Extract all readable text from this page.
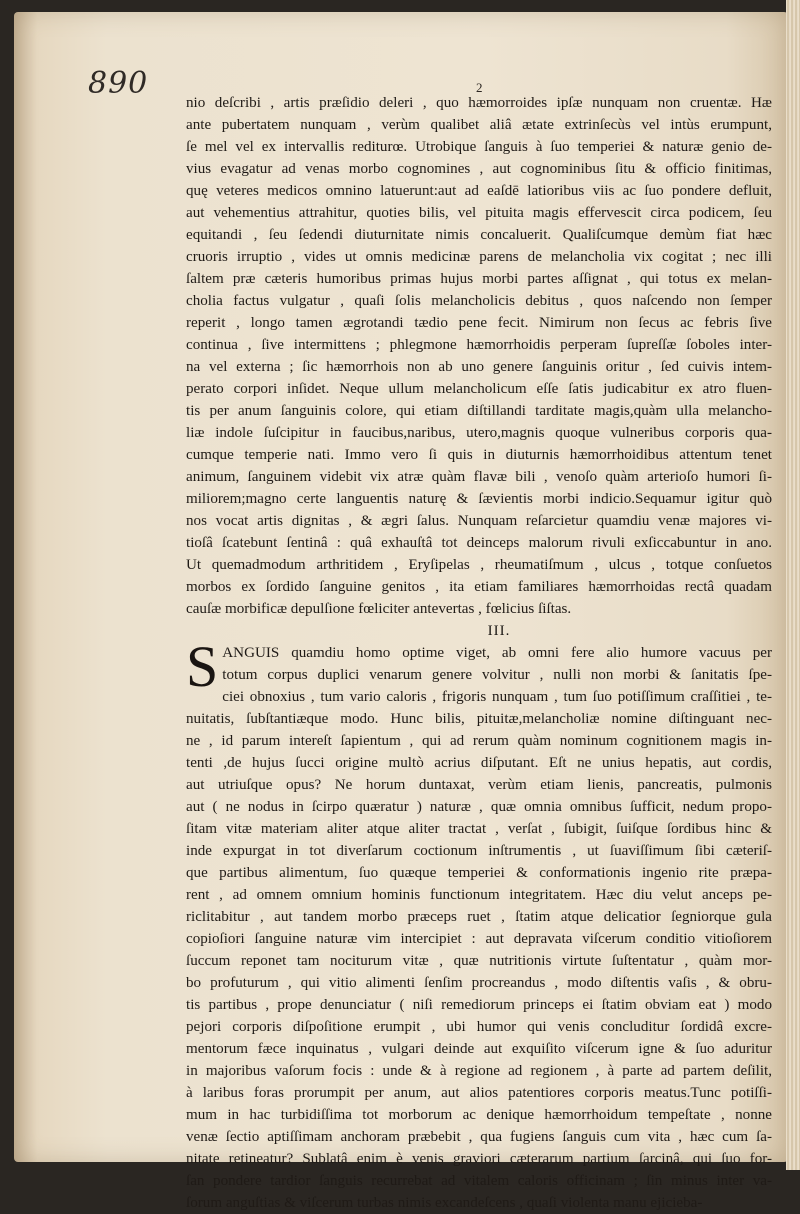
890	2
nio deſcribi , artis præſidio deleri , quo hæmorroides ipſæ nunquam non cruentæ. Hæ
ante pubertatem nunquam , verùm qualibet aliâ ætate extrinſecùs vel intùs erumpunt,
ſe mel vel ex intervallis rediturœ. Utrobique ſanguis à ſuo temperiei & naturæ genio de-
vius evagatur ad venas morbo cognomines , aut cognominibus ſitu & officio finitimas,
quę veteres medicos omnino latuerunt:aut ad eaſdē latioribus viis ac ſuo pondere defluit,
aut vehementius attrahitur, quoties bilis, vel pituita magis effervescit circa podicem, ſeu
equitandi , ſeu ſedendi diuturnitate nimis concaluerit. Qualiſcumque demùm fiat hæc
cruoris irruptio , vides ut omnis medicinæ parens de melancholia vix cogitat ; nec illi
ſaltem præ cæteris humoribus primas hujus morbi partes aſſignat , qui totus ex melan-
cholia factus vulgatur , quaſi ſolis melancholicis debitus , quos naſcendo non ſemper
reperit , longo tamen ægrotandi tædio pene fecit. Nimirum non ſecus ac febris ſive
continua , ſive intermittens ; phlegmone hæmorrhoidis perperam ſupreſſæ ſoboles inter-
na vel externa ; ſic hæmorrhois non ab uno genere ſanguinis oritur , ſed cuivis intem-
perato corpori inſidet. Neque ullum melancholicum eſſe ſatis judicabitur ex atro fluen-
tis per anum ſanguinis colore, qui etiam diſtillandi tarditate magis,quàm ulla melancho-
liæ indole ſuſcipitur in faucibus,naribus, utero,magnis quoque vulneribus corporis qua-
cumque temperie nati. Immo vero ſi quis in diuturnis hæmorrhoidibus attentum tenet
animum, ſanguinem videbit vix atræ quàm flavæ bili , venoſo quàm arterioſo humori ſi-
miliorem;magno certe languentis naturę & ſævientis morbi indicio.Sequamur igitur quò
nos vocat artis dignitas , & ægri ſalus. Nunquam reſarcietur quamdiu venæ majores vi-
tioſâ ſcatebunt ſentinâ : quâ exhauſtâ tot deinceps malorum rivuli exſiccabuntur in ano.
Ut quemadmodum arthritidem , Eryſipelas , rheumatiſmum , ulcus , totque conſuetos
morbos ex ſordido ſanguine genitos , ita etiam familiares hæmorrhoidas rectâ quadam
cauſæ morbificæ depulſione fœliciter antevertas , fœlicius ſiſtas.
III.
S ANGUIS quamdiu homo optime viget, ab omni fere alio humore vacuus per
totum corpus duplici venarum genere volvitur , nulli non morbi & ſanitatis ſpe-
ciei obnoxius , tum vario caloris , frigoris nunquam , tum ſuo potiſſimum craſſitiei , te-
nuitatis, ſubſtantiæque modo. Hunc bilis, pituitæ,melancholiæ nomine diſtinguant nec-
ne , id parum intereſt ſapientum , qui ad rerum quàm nominum cognitionem magis in-
tenti ,de hujus ſucci origine multò acrius diſputant. Eſt ne unius hepatis, aut cordis,
aut utriuſque opus? Ne horum duntaxat, verùm etiam lienis, pancreatis, pulmonis
aut ( ne nodus in ſcirpo quæratur ) naturæ , quæ omnia omnibus ſufficit, nedum propo-
ſitam vitæ materiam aliter atque aliter tractat , verſat , ſubigit, ſuiſque ſordibus hinc &
inde expurgat in tot diverſarum coctionum inſtrumentis , ut ſuaviſſimum ſibi cæteriſ-
que partibus alimentum, ſuo quæque temperiei & conformationis ingenio rite præpa-
rent , ad omnem omnium hominis functionum integritatem. Hæc diu velut anceps pe-
riclitabitur , aut tandem morbo præceps ruet , ſtatim atque delicatior ſegniorque gula
copioſiori ſanguine naturæ vim intercipiet : aut depravata viſcerum conditio vitioſiorem
ſuccum reponet tam nociturum vitæ , quæ nutritionis virtute ſuſtentatur , quàm mor-
bo profuturum , qui vitio alimenti ſenſim procreandus , modo diſtentis vaſis , & obru-
tis partibus , prope denunciatur ( niſi remediorum princeps ei ſtatim obviam eat ) modo
pejori corporis diſpoſitione erumpit , ubi humor qui venis concluditur ſordidâ excre-
mentorum fæce inquinatus , vulgari deinde aut exquiſito viſcerum igne & ſuo aduritur
in majoribus vaſorum focis : unde & à regione ad regionem , à parte ad partem deſilit,
à laribus foras prorumpit per anum, aut alios patentiores corporis meatus.Tunc potiſſi-
mum in hac turbidiſſima tot morborum ac denique hæmorrhoidum tempeſtate , nonne
venæ ſectio aptiſſimam anchoram præbebit , qua fugiens ſanguis cum vita , hæc cum ſa-
nitate retineatur? Sublatâ enim è venis graviori cæterarum partium ſarcinâ, qui ſuo for-
ſan pondere tardior ſanguis recurrebat ad vitalem caloris officinam ; ſin minus inter va-
ſorum anguſtias & viſcerum turbas nimis excandeſcens , quaſi violenta manu ejicieba-
